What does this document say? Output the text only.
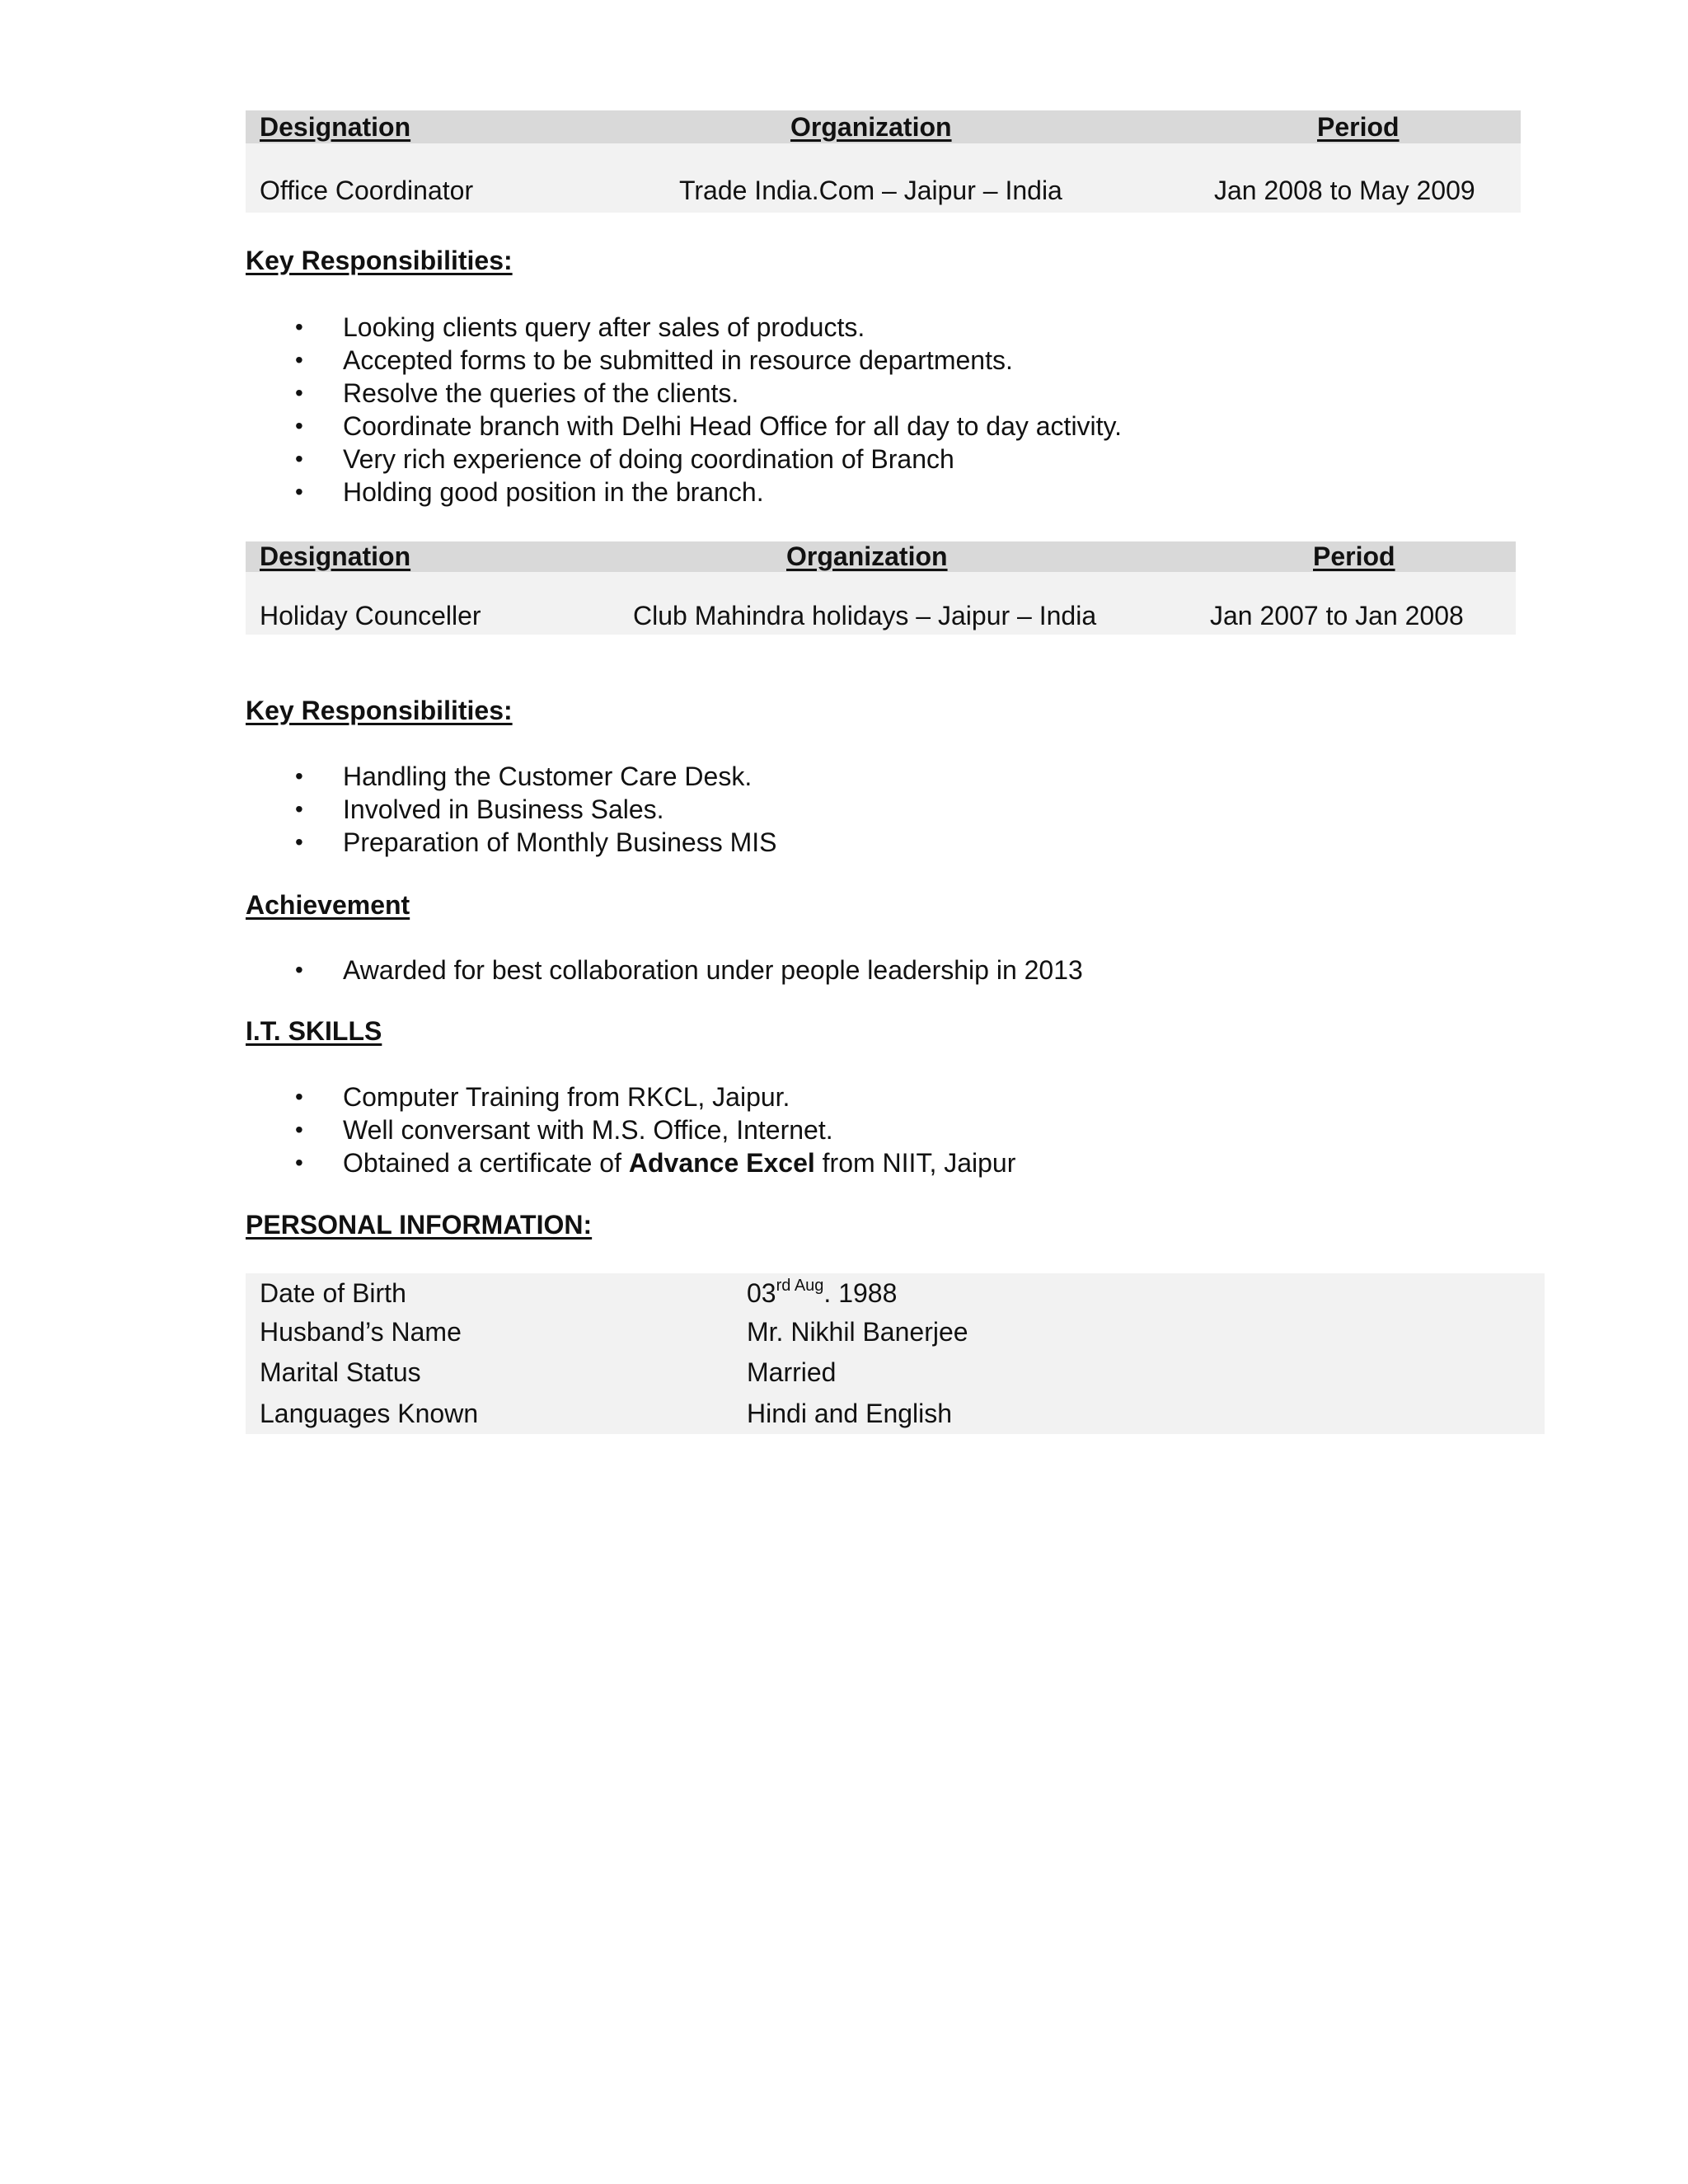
Designation	Organization	Period
Office Coordinator	Trade India.Com – Jaipur – India	Jan 2008 to May 2009
Key Responsibilities:
• Looking clients query after sales of products.
• Accepted forms to be submitted in resource departments.
• Resolve the queries of the clients.
• Coordinate branch with Delhi Head Office for all day to day activity.
• Very rich experience of doing coordination of Branch
• Holding good position in the branch.
Designation	Organization	Period
Holiday Counceller	Club Mahindra holidays – Jaipur – India	Jan 2007 to Jan 2008
Key Responsibilities:
• Handling the Customer Care Desk.
• Involved in Business Sales.
• Preparation of Monthly Business MIS
Achievement
• Awarded for best collaboration under people leadership in 2013
I.T. SKILLS
• Computer Training from RKCL, Jaipur.
• Well conversant with M.S. Office, Internet.
• Obtained a certificate of Advance Excel from NIIT, Jaipur
PERSONAL INFORMATION:
Date of Birth	$03^{rd Aug}$. 1988
Husband’s Name	Mr. Nikhil Banerjee
Marital Status	Married
Languages Known	Hindi and English
